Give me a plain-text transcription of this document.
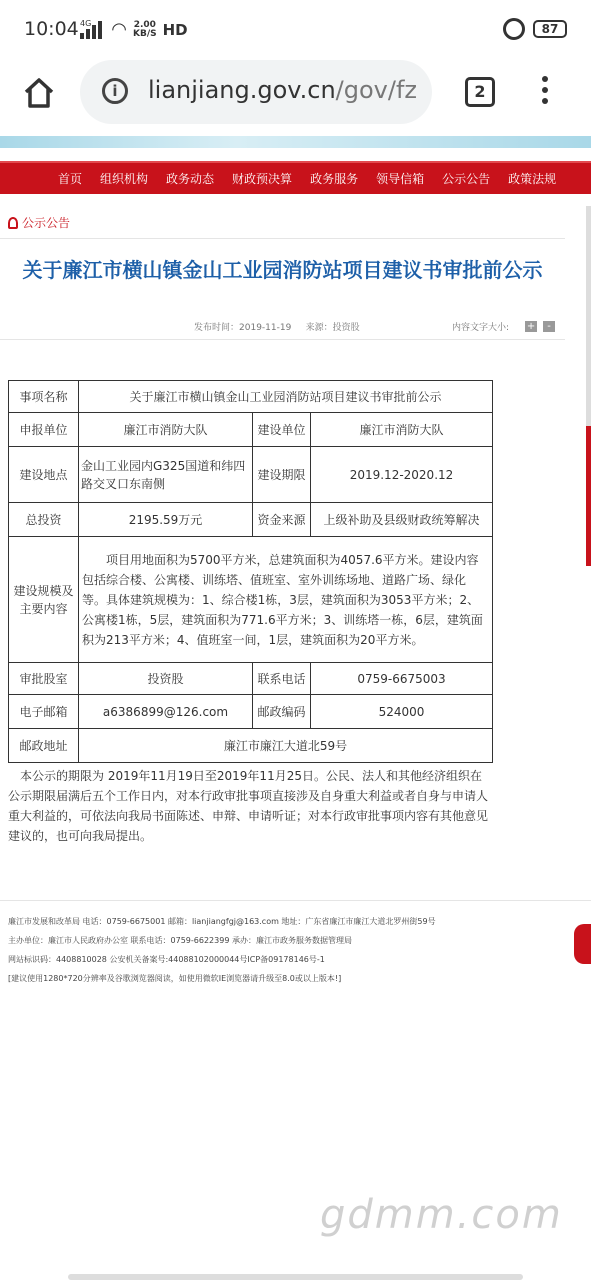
10:04 4G ◠ 2.00
KB/S HD	87
i	lianjiang.gov.cn/gov/fz	2
首页 组织机构 政务动态 财政预决算 政务服务 领导信箱 公示公告 政策法规
公示公告
关于廉江市横山镇金山工业园消防站项目建议书审批前公示
发布时间：2019-11-19 来源：投资股	内容文字大小: +	-
事项名称	关于廉江市横山镇金山工业园消防站项目建议书审批前公示		
申报单位	廉江市消防大队	建设单位	廉江市消防大队
建设地点	金山工业园内G325国道和纬四路交叉口东南侧	建设期限	2019.12-2020.12
总投资	2195.59万元	资金来源	上级补助及县级财政统筹解决
建设规模及主要内容	项目用地面积为5700平方米，总建筑面积为4057.6平方米。建设内容包括综合楼、公寓楼、训练塔、值班室、室外训练场地、道路广场、绿化等。具体建筑规模为：1、综合楼1栋，3层，建筑面积为3053平方米；2、公寓楼1栋，5层，建筑面积为771.6平方米；3、训练塔一栋，6层，建筑面积为213平方米；4、值班室一间，1层，建筑面积为20平方米。		
审批股室	投资股	联系电话	0759-6675003
电子邮箱	a6386899@126.com	邮政编码	524000
邮政地址	廉江市廉江大道北59号		
本公示的期限为 2019年11月19日至2019年11月25日。公民、法人和其他经济组织在公示期限届满后五个工作日内，对本行政审批事项直接涉及自身重大利益或者自身与申请人重大利益的，可依法向我局书面陈述、申辩、申请听证；对本行政审批事项内容有其他意见建议的，也可向我局提出。
廉江市发展和改革局 电话：0759-6675001 邮箱：lianjiangfgj@163.com 地址：广东省廉江市廉江大道北罗州街59号
主办单位：廉江市人民政府办公室 联系电话：0759-6622399 承办：廉江市政务服务数据管理局
网站标识码：4408810028 公安机关备案号:44088102000044号ICP备09178146号-1
[建议使用1280*720分辨率及谷歌浏览器阅读，如使用微软IE浏览器请升级至8.0或以上版本!]
gdmm.com
